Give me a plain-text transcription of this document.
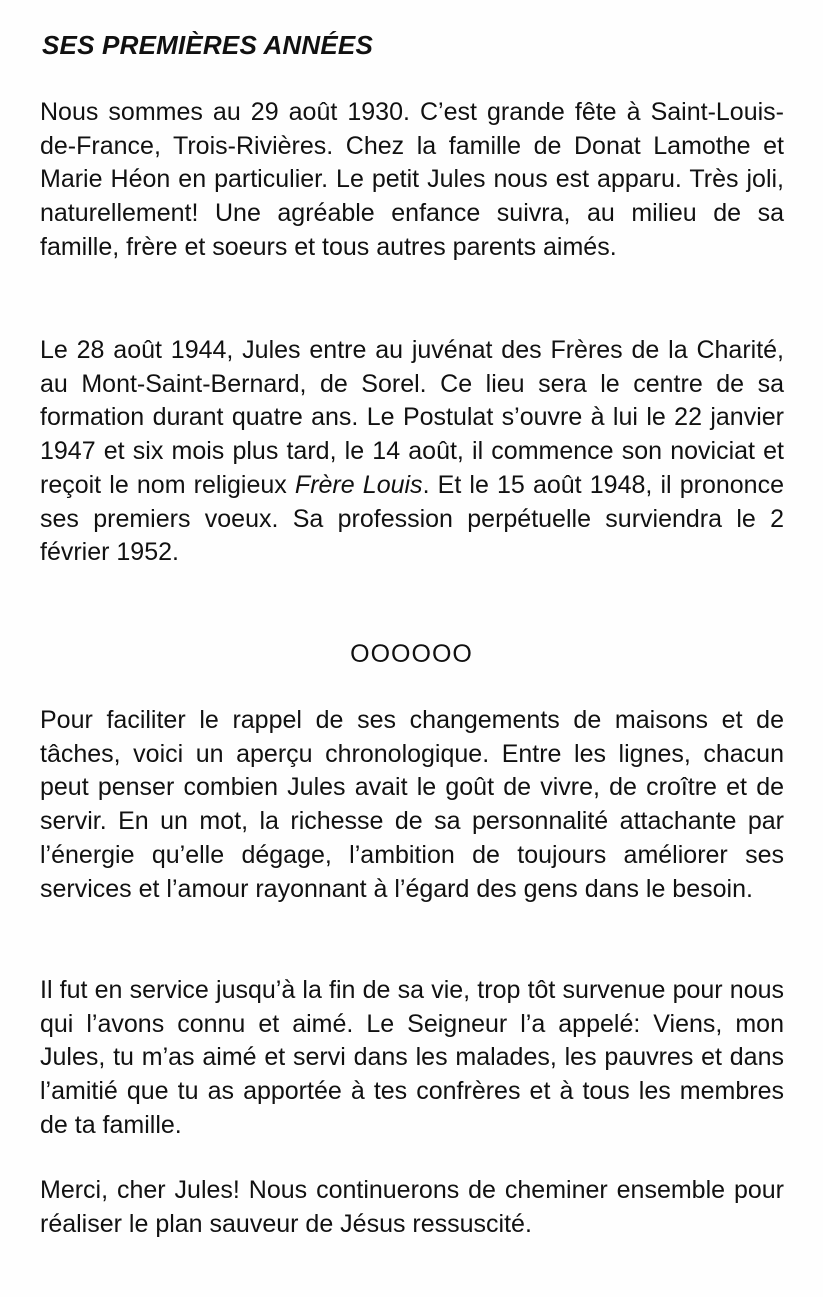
SES PREMIÈRES ANNÉES

Nous sommes au 29 août 1930. C’est grande fête à Saint-Louis-de-France, Trois-Rivières. Chez la famille de Donat Lamothe et Marie Héon en particulier. Le petit Jules nous est apparu. Très joli, naturellement! Une agréable enfance suivra, au milieu de sa famille, frère et soeurs et tous autres parents aimés.

Le 28 août 1944, Jules entre au juvénat des Frères de la Charité, au Mont-Saint-Bernard, de Sorel. Ce lieu sera le centre de sa formation durant quatre ans. Le Postulat s’ouvre à lui le 22 janvier 1947 et six mois plus tard, le 14 août, il commence son noviciat et reçoit le nom religieux Frère Louis. Et le 15 août 1948, il prononce ses premiers voeux. Sa profession perpétuelle surviendra le 2 février 1952.

OOOOOO

Pour faciliter le rappel de ses changements de maisons et de tâches, voici un aperçu chronologique. Entre les lignes, chacun peut penser combien Jules avait le goût de vivre, de croître et de servir. En un mot, la richesse de sa personnalité attachante par l’énergie qu’elle dégage, l’ambition de toujours améliorer ses services et l’amour rayonnant à l’égard des gens dans le besoin.

Il fut en service jusqu’à la fin de sa vie, trop tôt survenue pour nous qui l’avons connu et aimé. Le Seigneur l’a appelé: Viens, mon Jules, tu m’as aimé et servi dans les malades, les pauvres et dans l’amitié que tu as apportée à tes confrères et à tous les membres de ta famille.

Merci, cher Jules! Nous continuerons de cheminer ensemble pour réaliser le plan sauveur de Jésus ressuscité.
